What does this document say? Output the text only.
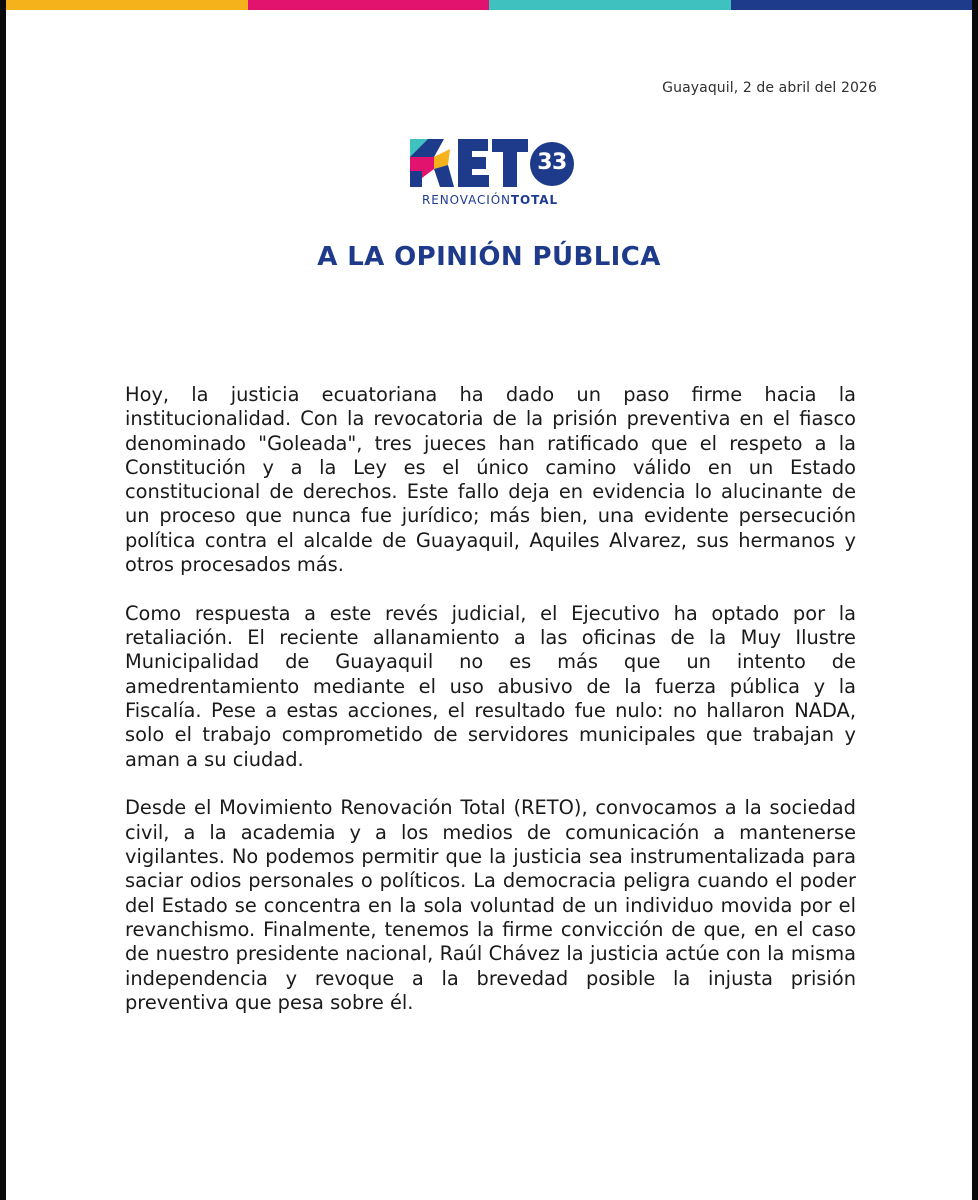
Guayaquil, 2 de abril del 2026
33
RENOVACIÓNTOTAL
A LA OPINIÓN PÚBLICA

Hoy, la justicia ecuatoriana ha dado un paso firme hacia la institucionalidad. Con la revocatoria de la prisión preventiva en el fiasco denominado "Goleada", tres jueces han ratificado que el respeto a la Constitución y a la Ley es el único camino válido en un Estado constitucional de derechos. Este fallo deja en evidencia lo alucinante de un proceso que nunca fue jurídico; más bien, una evidente persecución política contra el alcalde de Guayaquil, Aquiles Alvarez, sus hermanos y otros procesados más.

Como respuesta a este revés judicial, el Ejecutivo ha optado por la retaliación. El reciente allanamiento a las oficinas de la Muy Ilustre Municipalidad de Guayaquil no es más que un intento de amedrentamiento mediante el uso abusivo de la fuerza pública y la Fiscalía. Pese a estas acciones, el resultado fue nulo: no hallaron NADA, solo el trabajo comprometido de servidores municipales que trabajan y aman a su ciudad.

Desde el Movimiento Renovación Total (RETO), convocamos a la sociedad civil, a la academia y a los medios de comunicación a mantenerse vigilantes. No podemos permitir que la justicia sea instrumentalizada para saciar odios personales o políticos. La democracia peligra cuando el poder del Estado se concentra en la sola voluntad de un individuo movida por el revanchismo. Finalmente, tenemos la firme convicción de que, en el caso de nuestro presidente nacional, Raúl Chávez la justicia actúe con la misma independencia y revoque a la brevedad posible la injusta prisión preventiva que pesa sobre él.
